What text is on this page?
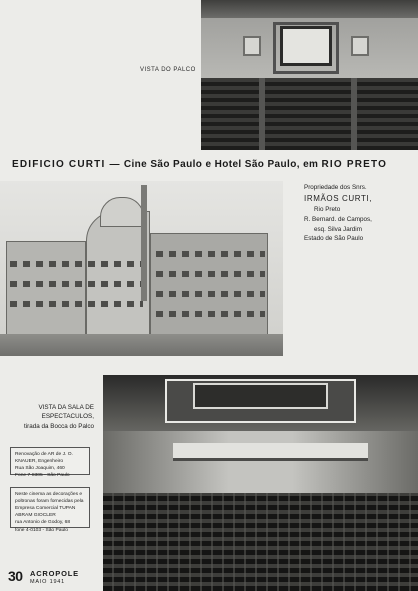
VISTA DO PALCO
EDIFICIO CURTI — Cine São Paulo e Hotel São Paulo, em RIO PRETO
Propriedade dos Snrs.
IRMÃOS CURTI,
Rio Preto
R. Bernard. de Campos,
esq. Silva Jardim
Estado de São Paulo
VISTA DA SALA DE
ESPECTACULOS,
tirada da Bocca do Palco
Renovação de AR de J. O.
KNAUER, Engenheiro
Rua São Joaquim, 460
Fone 7-8305 - São Paulo
Neste cinema as decorações e
poltronas foram fornecidas pela
Empresa Comercial TUPAN
ABRAM GIOCLER
rua Antonio de Godoy, 68
fone 4-0103 - São Paulo
30 ACROPOLE
MAIO 1941
